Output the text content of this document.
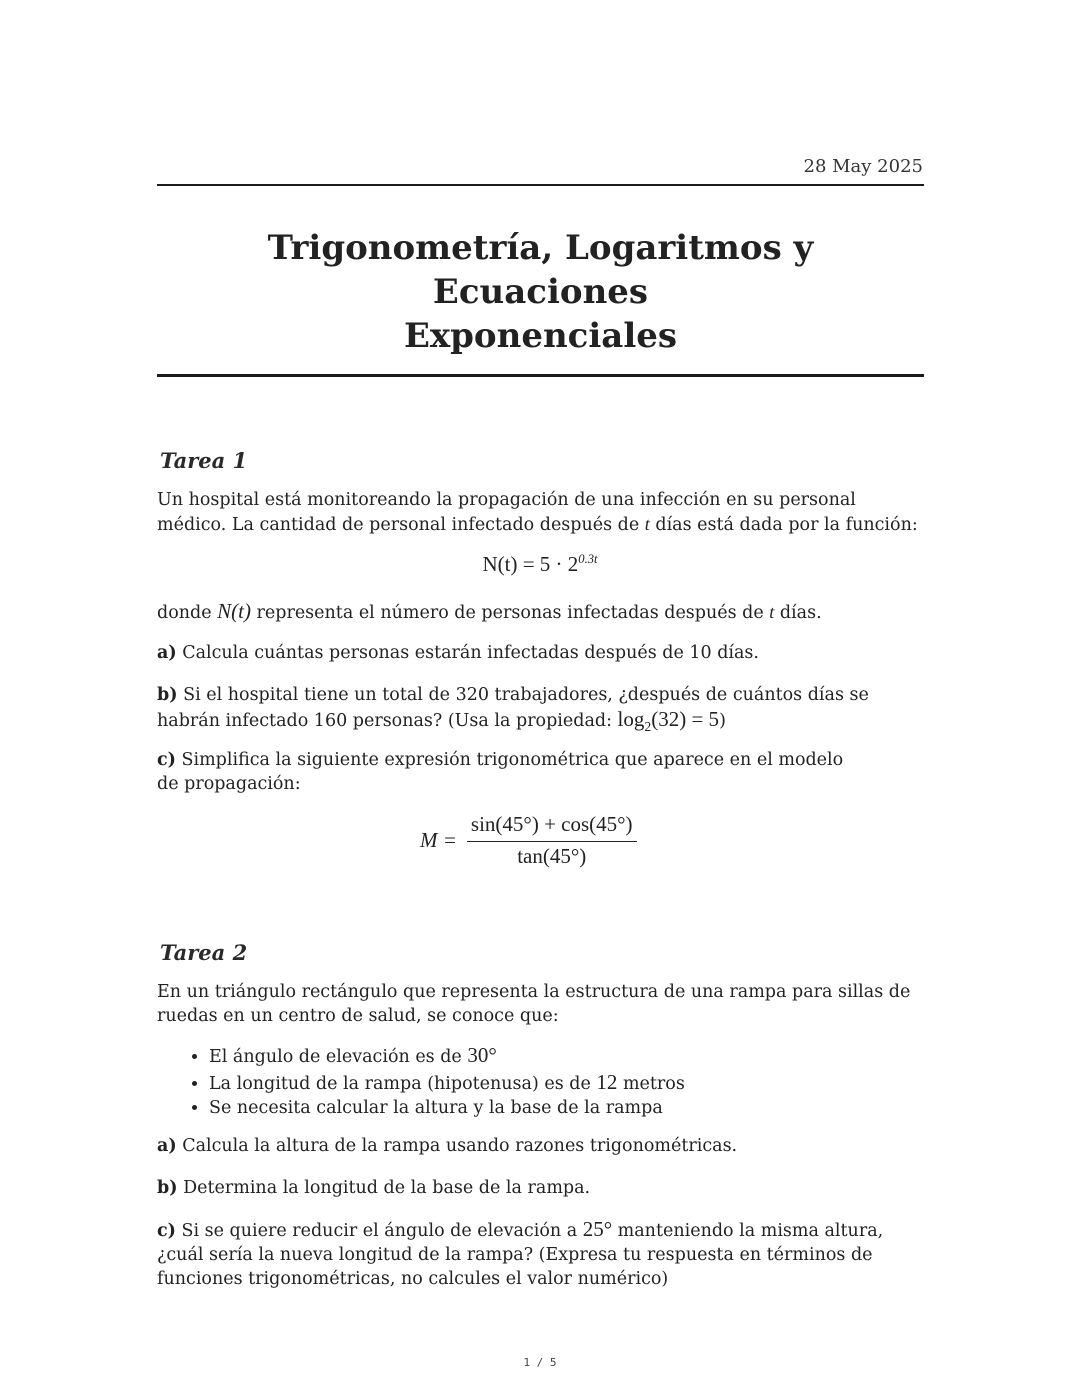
28 May 2025
Trigonometría, Logaritmos y Ecuaciones
Exponenciales
Tarea 1
Un hospital está monitoreando la propagación de una infección en su personal médico. La cantidad de personal infectado después de t días está dada por la función:
$N(t) = 5 \cdot 2^{0.3t}$
donde N(t) representa el número de personas infectadas después de t días.
a) Calcula cuántas personas estarán infectadas después de 10 días.
b) Si el hospital tiene un total de 320 trabajadores, ¿después de cuántos días se habrán infectado 160 personas? (Usa la propiedad: $\log_2(32) = 5$)
c) Simplifica la siguiente expresión trigonométrica que aparece en el modelo de propagación:
$M = \frac{\sin(45^\circ) + \cos(45^\circ)}{\tan(45^\circ)}$
Tarea 2
En un triángulo rectángulo que representa la estructura de una rampa para sillas de ruedas en un centro de salud, se conoce que:
• El ángulo de elevación es de 30°
• La longitud de la rampa (hipotenusa) es de 12 metros
• Se necesita calcular la altura y la base de la rampa
a) Calcula la altura de la rampa usando razones trigonométricas.
b) Determina la longitud de la base de la rampa.
c) Si se quiere reducir el ángulo de elevación a 25° manteniendo la misma altura, ¿cuál sería la nueva longitud de la rampa? (Expresa tu respuesta en términos de funciones trigonométricas, no calcules el valor numérico)
1 / 5
